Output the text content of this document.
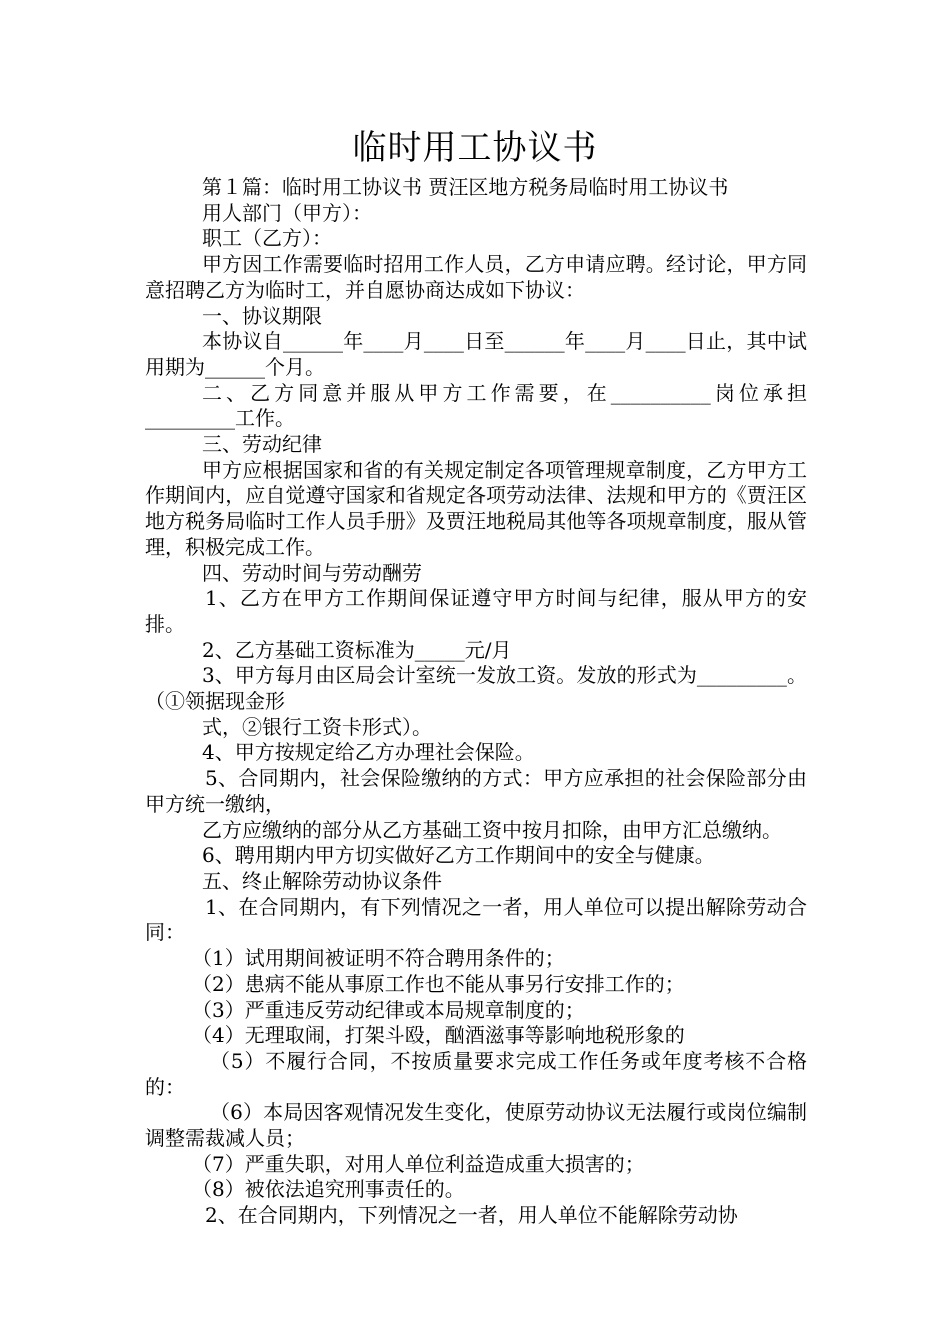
临时用工协议书

第１篇：临时用工协议书 贾汪区地方税务局临时用工协议书

用人部门（甲方）：

职工（乙方）：

甲方因工作需要临时招用工作人员，乙方申请应聘。经讨论，甲方同意招聘乙方为临时工，并自愿协商达成如下协议：

一、协议期限

本协议自______年____月____日至______年____月____日止，其中试用期为______个月。

二、乙方同意并服从甲方工作需要，在__________岗位承担_________工作。

三、劳动纪律

甲方应根据国家和省的有关规定制定各项管理规章制度，乙方甲方工作期间内，应自觉遵守国家和省规定各项劳动法律、法规和甲方的《贾汪区地方税务局临时工作人员手册》及贾汪地税局其他等各项规章制度，服从管理，积极完成工作。

四、劳动时间与劳动酬劳

1、乙方在甲方工作期间保证遵守甲方时间与纪律，服从甲方的安排。

2、乙方基础工资标准为_____元/月

3、甲方每月由区局会计室统一发放工资。发放的形式为_________。（①领据现金形

式，②银行工资卡形式）。

4、甲方按规定给乙方办理社会保险。

5、合同期内，社会保险缴纳的方式：甲方应承担的社会保险部分由甲方统一缴纳，

乙方应缴纳的部分从乙方基础工资中按月扣除，由甲方汇总缴纳。

6、聘用期内甲方切实做好乙方工作期间中的安全与健康。

五、终止解除劳动协议条件

1、在合同期内，有下列情况之一者，用人单位可以提出解除劳动合同：

（1）试用期间被证明不符合聘用条件的；

（2）患病不能从事原工作也不能从事另行安排工作的；

（3）严重违反劳动纪律或本局规章制度的；

（4）无理取闹，打架斗殴，酗酒滋事等影响地税形象的

（5）不履行合同，不按质量要求完成工作任务或年度考核不合格的：

（6）本局因客观情况发生变化，使原劳动协议无法履行或岗位编制调整需裁减人员；

（7）严重失职，对用人单位利益造成重大损害的；

（8）被依法追究刑事责任的。

2、在合同期内，下列情况之一者，用人单位不能解除劳动协
